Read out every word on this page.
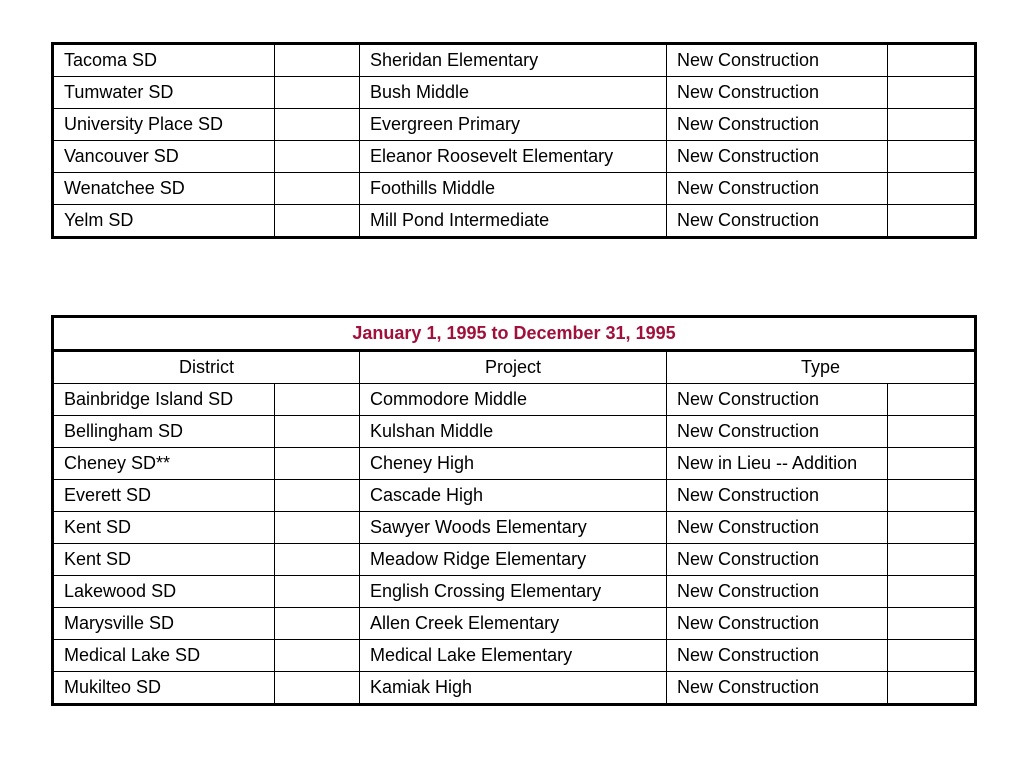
Tacoma SD		Sheridan Elementary	New Construction	
Tumwater SD		Bush Middle	New Construction	
University Place SD		Evergreen Primary	New Construction	
Vancouver SD		Eleanor Roosevelt Elementary	New Construction	
Wenatchee SD		Foothills Middle	New Construction	
Yelm SD		Mill Pond Intermediate	New Construction	
January 1, 1995 to December 31, 1995				
District		Project	Type	
Bainbridge Island SD		Commodore Middle	New Construction	
Bellingham SD		Kulshan Middle	New Construction	
Cheney SD**		Cheney High	New in Lieu -- Addition	
Everett SD		Cascade High	New Construction	
Kent SD		Sawyer Woods Elementary	New Construction	
Kent SD		Meadow Ridge Elementary	New Construction	
Lakewood SD		English Crossing Elementary	New Construction	
Marysville SD		Allen Creek Elementary	New Construction	
Medical Lake SD		Medical Lake Elementary	New Construction	
Mukilteo SD		Kamiak High	New Construction	
